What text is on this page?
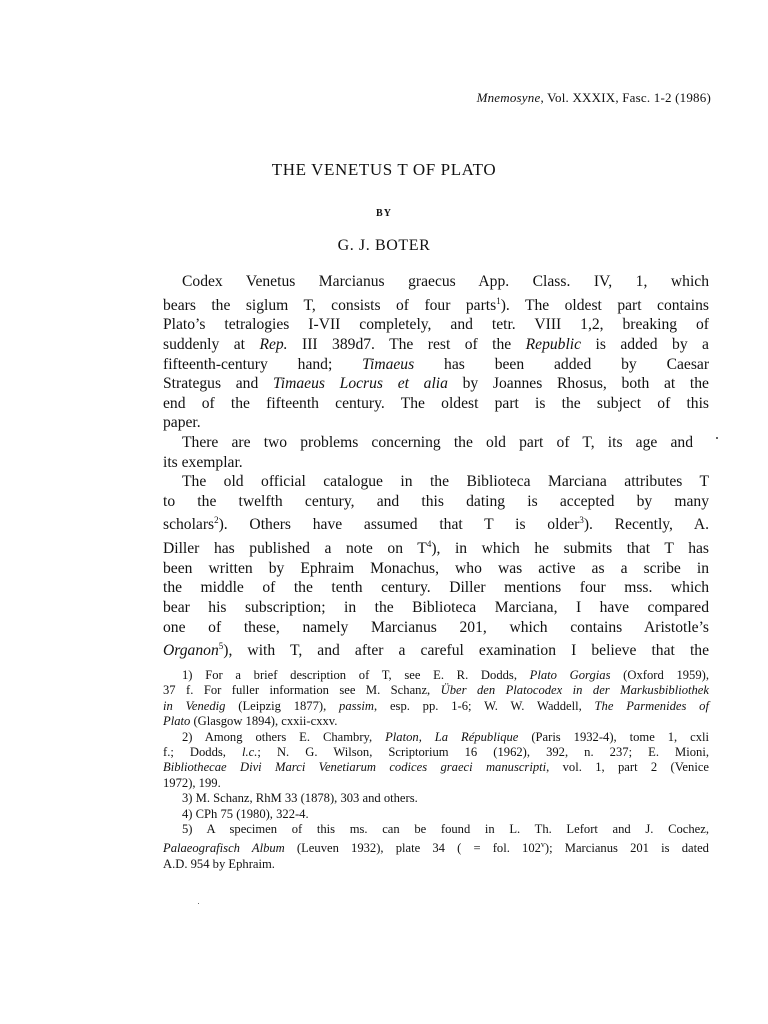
Mnemosyne, Vol. XXXIX, Fasc. 1-2 (1986)
THE VENETUS T OF PLATO
BY
G. J. BOTER
Codex Venetus Marcianus graecus App. Class. IV, 1, which
bears the siglum T, consists of four parts$^1$). The oldest part contains
Plato’s tetralogies I-VII completely, and tetr. VIII 1,2, breaking of
suddenly at Rep. III 389d7. The rest of the Republic is added by a
fifteenth-century hand; Timaeus has been added by Caesar
Strategus and Timaeus Locrus et alia by Joannes Rhosus, both at the
end of the fifteenth century. The oldest part is the subject of this
paper.
There are two problems concerning the old part of T, its age and
its exemplar.
The old official catalogue in the Biblioteca Marciana attributes T
to the twelfth century, and this dating is accepted by many
scholars$^2$). Others have assumed that T is older$^3$). Recently, A.
Diller has published a note on $T^4$), in which he submits that T has
been written by Ephraim Monachus, who was active as a scribe in
the middle of the tenth century. Diller mentions four mss. which
bear his subscription; in the Biblioteca Marciana, I have compared
one of these, namely Marcianus 201, which contains Aristotle’s
Organon$^5$), with T, and after a careful examination I believe that the
1) For a brief description of T, see E. R. Dodds, Plato Gorgias (Oxford 1959),
37 f. For fuller information see M. Schanz, Über den Platocodex in der Markusbibliothek
in Venedig (Leipzig 1877), passim, esp. pp. 1-6; W. W. Waddell, The Parmenides of
Plato (Glasgow 1894), cxxii-cxxv.
2) Among others E. Chambry, Platon, La République (Paris 1932-4), tome 1, cxli
f.; Dodds, l.c.; N. G. Wilson, Scriptorium 16 (1962), 392, n. 237; E. Mioni,
Bibliothecae Divi Marci Venetiarum codices graeci manuscripti, vol. 1, part 2 (Venice
1972), 199.
3) M. Schanz, RhM 33 (1878), 303 and others.
4) CPh 75 (1980), 322-4.
5) A specimen of this ms. can be found in L. Th. Lefort and J. Cochez,
Palaeografisch Album (Leuven 1932), plate 34 ( = fol. 102$^v$); Marcianus 201 is dated
A.D. 954 by Ephraim.
